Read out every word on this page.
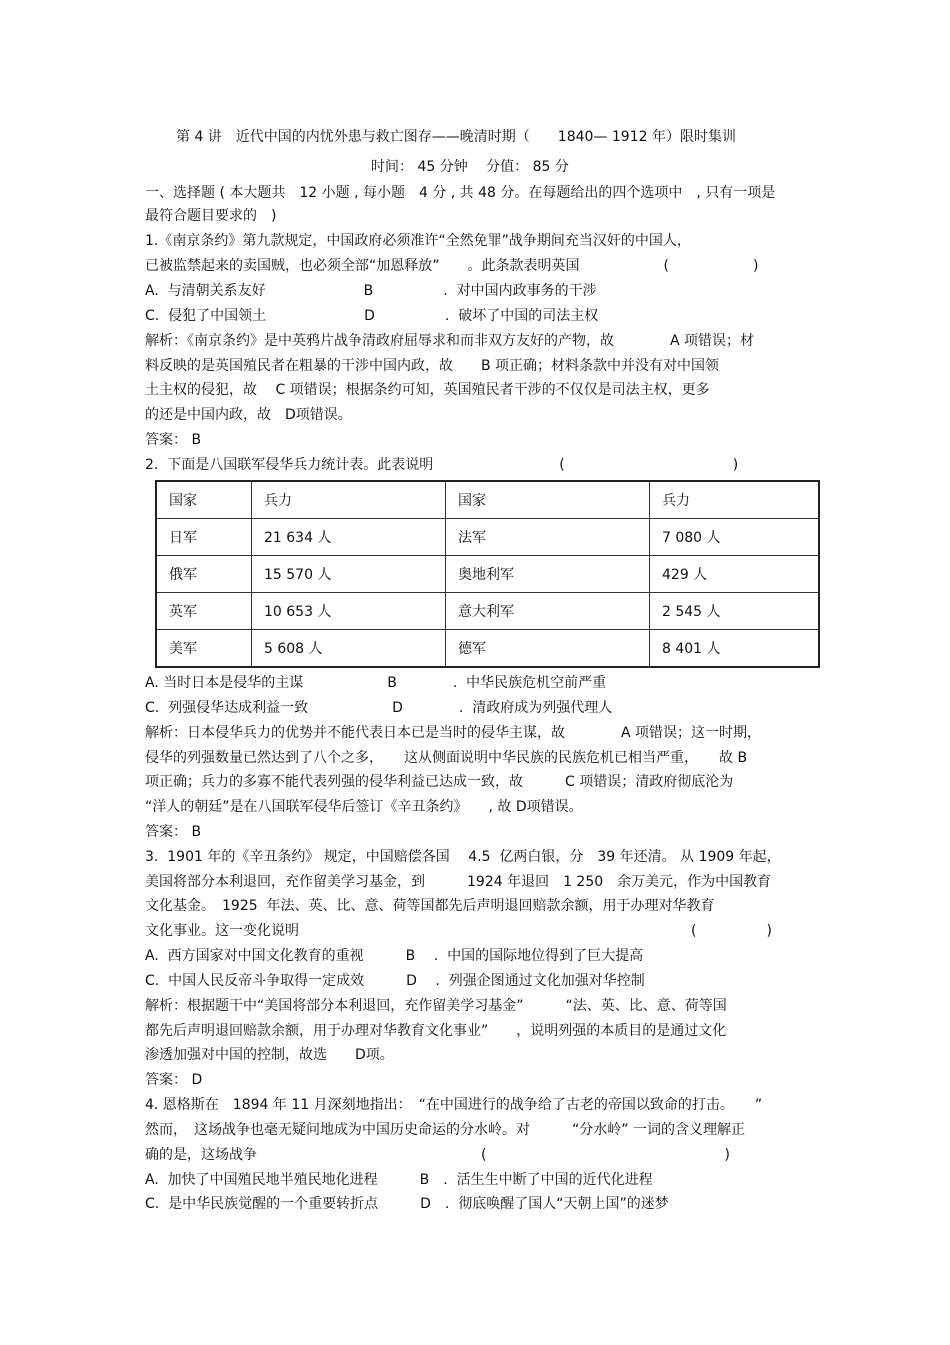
第 4 讲　近代中国的内忧外患与救亡图存——晚清时期（　　1840— 1912 年）限时集训
时间： 45 分钟　 分值： 85 分
一、选择题 ( 本大题共　12 小题 , 每小题　4 分 , 共 48 分。在每题给出的四个选项中　, 只有一项是
最符合题目要求的　)
1.《南京条约》第九款规定，中国政府必须准许“全然免罪”战争期间充当汉奸的中国人，
已被监禁起来的卖国贼，也必须全部“加恩释放”　　。此条款表明英国　　　　　　(　　　　　　)
A.  与清朝关系友好　　　　　　　B　　　　　.  对中国内政事务的干涉
C.  侵犯了中国领土　　　　　　　D　　　　　.  破坏了中国的司法主权
解析：《南京条约》是中英鸦片战争清政府屈辱求和而非双方友好的产物，故　　　　A 项错误；材
料反映的是英国殖民者在粗暴的干涉中国内政，故　　B 项正确；材料条款中并没有对中国领
土主权的侵犯，故　 C 项错误；根据条约可知，英国殖民者干涉的不仅仅是司法主权，更多
的还是中国内政，故　D项错误。
答案： B
2.  下面是八国联军侵华兵力统计表。此表说明　　　　　　　　　(　　　　　　　　　　　　)
国家	兵力	国家	兵力
日军	21 634 人	法军	7 080 人
俄军	15 570 人	奥地利军	429 人
英军	10 653 人	意大利军	2 545 人
美军	5 608 人	德军	8 401 人
A. 当时日本是侵华的主谋　　　　　　B　　　　.  中华民族危机空前严重
C.  列强侵华达成利益一致　　　　　　D　　　　.  清政府成为列强代理人
解析：日本侵华兵力的优势并不能代表日本已是当时的侵华主谋，故　　　　A 项错误；这一时期，
侵华的列强数量已然达到了八个之多，　　这从侧面说明中华民族的民族危机已相当严重，　　故 B
项正确；兵力的多寡不能代表列强的侵华利益已达成一致，故　　　C 项错误；清政府彻底沦为
“洋人的朝廷”是在八国联军侵华后签订《辛丑条约》　　, 故 D项错误。
答案： B
3.  1901 年的《辛丑条约》 规定，中国赔偿各国　 4.5  亿两白银，分　39 年还清。 从 1909 年起，
美国将部分本利退回，充作留美学习基金，到　　　1924 年退回　1 250　余万美元，作为中国教育
文化基金。　1925  年法、英、比、意、荷等国都先后声明退回赔款余额，用于办理对华教育
文化事业。这一变化说明　　　　　　　　　　　　　　　　　　　　　　　　　　　　(　　　　　)
A.  西方国家对中国文化教育的重视　　　B　 .  中国的国际地位得到了巨大提高
C.  中国人民反帝斗争取得一定成效　　　D　 .  列强企图通过文化加强对华控制
解析：根据题干中“美国将部分本利退回，充作留美学习基金”　　　“法、英、比、意、荷等国
都先后声明退回赔款余额，用于办理对华教育文化事业”　　，说明列强的本质目的是通过文化
渗透加强对中国的控制，故选　　D项。
答案： D
4. 恩格斯在　1894 年 11 月深刻地指出：　“在中国进行的战争给了古老的帝国以致命的打击。　　”
然而，　这场战争也毫无疑问地成为中国历史命运的分水岭。对　　　“分水岭” 一词的含义理解正
确的是，这场战争　　　　　　　　　　　　　　　　(　　　　　　　　　　　　　　　　　)
A.  加快了中国殖民地半殖民地化进程　　　B　.  活生生中断了中国的近代化进程
C.  是中华民族觉醒的一个重要转折点　　　D　.  彻底唤醒了国人“天朝上国”的迷梦
